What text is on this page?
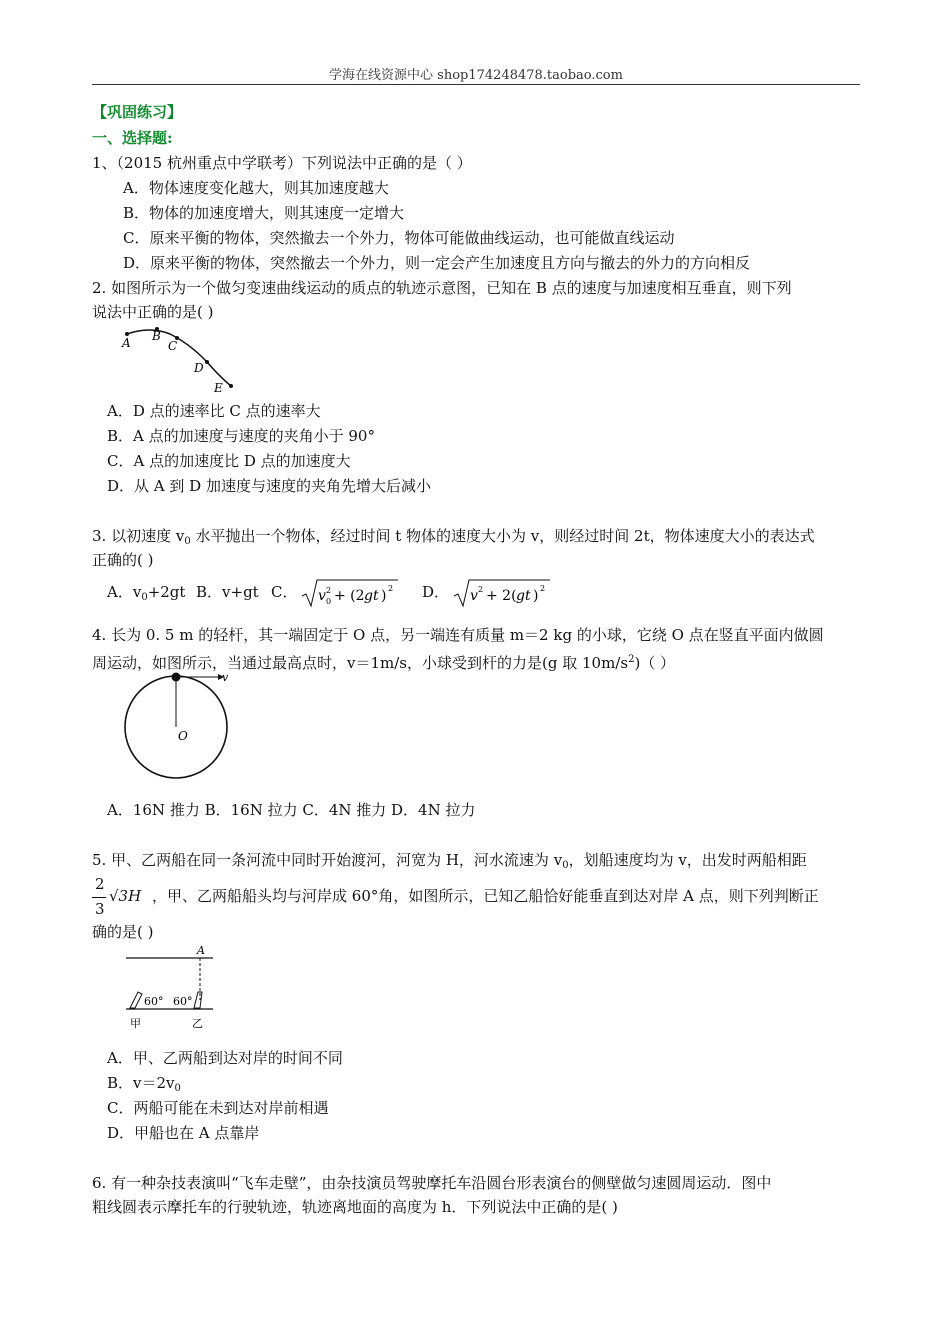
学海在线资源中心 shop174248478.taobao.com
【巩固练习】
一、选择题:
1、（2015 杭州重点中学联考）下列说法中正确的是（ ）
A．物体速度变化越大，则其加速度越大
B．物体的加速度增大，则其速度一定增大
C．原来平衡的物体，突然撤去一个外力，物体可能做曲线运动，也可能做直线运动
D．原来平衡的物体，突然撤去一个外力，则一定会产生加速度且方向与撤去的外力的方向相反
2. 如图所示为一个做匀变速曲线运动的质点的轨迹示意图，已知在 B 点的速度与加速度相互垂直，则下列
说法中正确的是( )
A B
C
D
E
A．D 点的速率比 C 点的速率大
B．A 点的加速度与速度的夹角小于 90°
C．A 点的加速度比 D 点的加速度大
D．从 A 到 D 加速度与速度的夹角先增大后减小
3. 以初速度 $v_0$ 水平抛出一个物体，经过时间 t 物体的速度大小为 v，则经过时间 2t，物体速度大小的表达式
正确的( )
A．$v_0+2gt$ B．v+gt C． v 2
0 + (2 gt ) 2 D． v 2 + 2( gt ) 2
4. 长为 0. 5 m 的轻杆，其一端固定于 O 点，另一端连有质量 m＝2 kg 的小球，它绕 O 点在竖直平面内做圆
周运动，如图所示，当通过最高点时，v＝1m/s，小球受到杆的力是(g 取 $10m/s^2$)（ ）
v
O
A．16N 推力 B．16N 拉力 C．4N 推力 D．4N 拉力
5. 甲、乙两船在同一条河流中同时开始渡河，河宽为 H，河水流速为 $v_0$，划船速度均为 v，出发时两船相距
2
3
√3H ，甲、乙两船船头均与河岸成 60°角，如图所示，已知乙船恰好能垂直到达对岸 A 点，则下列判断正
确的是( )
A
60° 60°
甲	乙
A．甲、乙两船到达对岸的时间不同
B．$v=2v_0$
C．两船可能在未到达对岸前相遇
D．甲船也在 A 点靠岸
6. 有一种杂技表演叫“飞车走壁”，由杂技演员驾驶摩托车沿圆台形表演台的侧壁做匀速圆周运动．图中
粗线圆表示摩托车的行驶轨迹，轨迹离地面的高度为 h．下列说法中正确的是( )
